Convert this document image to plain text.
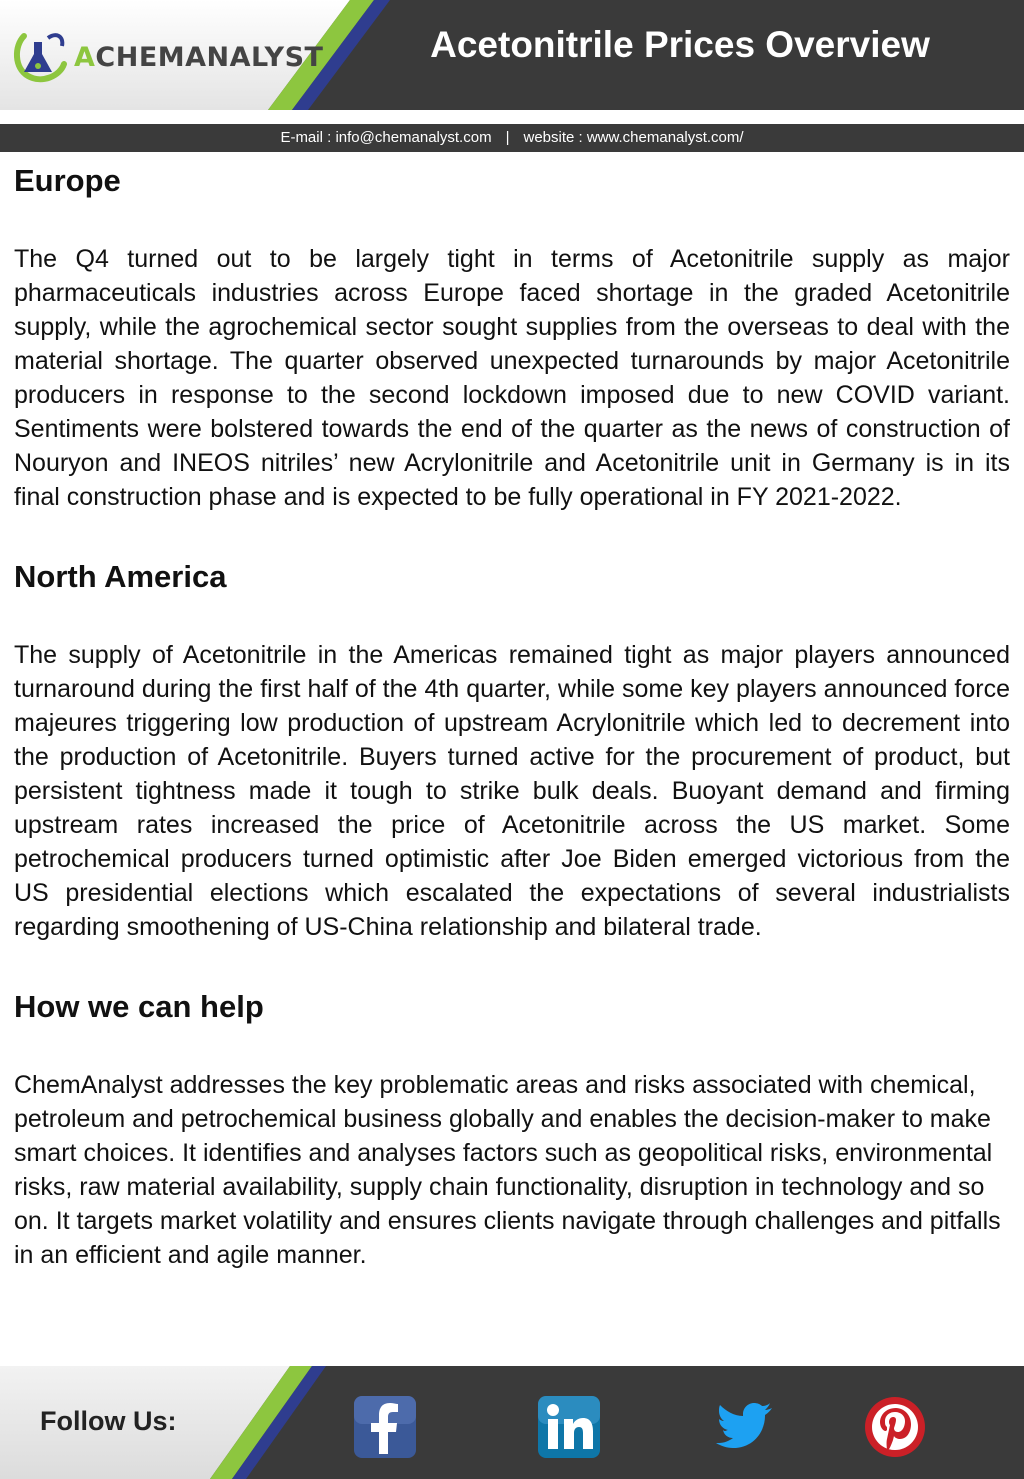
ACHEMANALYST	Acetonitrile Prices Overview
E-mail : info@chemanalyst.com | website : www.chemanalyst.com/
Europe

The Q4 turned out to be largely tight in terms of Acetonitrile supply as major pharmaceuticals industries across Europe faced shortage in the graded Acetonitrile supply, while the agrochemical sector sought supplies from the overseas to deal with the material shortage. The quarter observed unexpected turnarounds by major Acetonitrile producers in response to the second lockdown imposed due to new COVID variant. Sentiments were bolstered towards the end of the quarter as the news of construction of Nouryon and INEOS nitriles’ new Acrylonitrile and Acetonitrile unit in Germany is in its final construction phase and is expected to be fully operational in FY 2021-2022.

North America

The supply of Acetonitrile in the Americas remained tight as major players announced turnaround during the first half of the 4th quarter, while some key players announced force majeures triggering low production of upstream Acrylonitrile which led to decrement into the production of Acetonitrile. Buyers turned active for the procurement of product, but persistent tightness made it tough to strike bulk deals. Buoyant demand and firming upstream rates increased the price of Acetonitrile across the US market. Some petrochemical producers turned optimistic after Joe Biden emerged victorious from the US presidential elections which escalated the expectations of several industrialists regarding smoothening of US-China relationship and bilateral trade.

How we can help

ChemAnalyst addresses the key problematic areas and risks associated with chemical, petroleum and petrochemical business globally and enables the decision-maker to make smart choices. It identifies and analyses factors such as geopolitical risks, environmental risks, raw material availability, supply chain functionality, disruption in technology and so on. It targets market volatility and ensures clients navigate through challenges and pitfalls in an efficient and agile manner.

Follow Us:
